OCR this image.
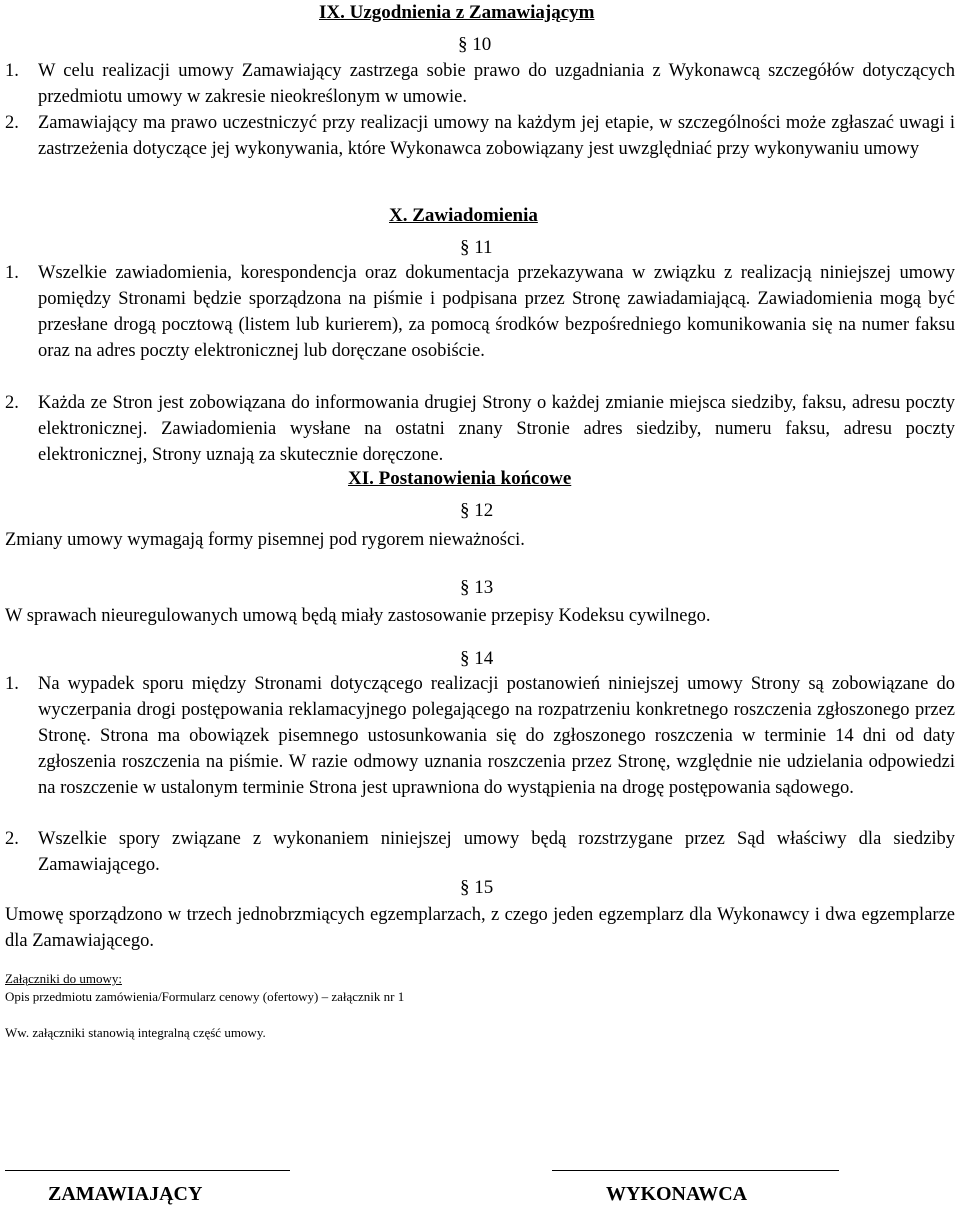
IX. Uzgodnienia z Zamawiającym
§ 10
1. W celu realizacji umowy Zamawiający zastrzega sobie prawo do uzgadniania z Wykonawcą szczegółów dotyczących przedmiotu umowy w zakresie nieokreślonym w umowie.
2. Zamawiający ma prawo uczestniczyć przy realizacji umowy na każdym jej etapie, w szczególności może zgłaszać uwagi i zastrzeżenia dotyczące jej wykonywania, które Wykonawca zobowiązany jest uwzględniać przy wykonywaniu umowy
X. Zawiadomienia
§ 11
1. Wszelkie zawiadomienia, korespondencja oraz dokumentacja przekazywana w związku z realizacją niniejszej umowy pomiędzy Stronami będzie sporządzona na piśmie i podpisana przez Stronę zawiadamiającą. Zawiadomienia mogą być przesłane drogą pocztową (listem lub kurierem), za pomocą środków bezpośredniego komunikowania się na numer faksu oraz na adres poczty elektronicznej lub doręczane osobiście.
2. Każda ze Stron jest zobowiązana do informowania drugiej Strony o każdej zmianie miejsca siedziby, faksu, adresu poczty elektronicznej. Zawiadomienia wysłane na ostatni znany Stronie adres siedziby, numeru faksu, adresu poczty elektronicznej, Strony uznają za skutecznie doręczone.
XI. Postanowienia końcowe
§ 12
Zmiany umowy wymagają formy pisemnej pod rygorem nieważności.
§ 13
W sprawach nieuregulowanych umową będą miały zastosowanie przepisy Kodeksu cywilnego.
§ 14
1. Na wypadek sporu między Stronami dotyczącego realizacji postanowień niniejszej umowy Strony są zobowiązane do wyczerpania drogi postępowania reklamacyjnego polegającego na rozpatrzeniu konkretnego roszczenia zgłoszonego przez Stronę. Strona ma obowiązek pisemnego ustosunkowania się do zgłoszonego roszczenia w terminie 14 dni od daty zgłoszenia roszczenia na piśmie. W razie odmowy uznania roszczenia przez Stronę, względnie nie udzielania odpowiedzi na roszczenie w ustalonym terminie Strona jest uprawniona do wystąpienia na drogę postępowania sądowego.
2. Wszelkie spory związane z wykonaniem niniejszej umowy będą rozstrzygane przez Sąd właściwy dla siedziby Zamawiającego.
§ 15
Umowę sporządzono w trzech jednobrzmiących egzemplarzach, z czego jeden egzemplarz dla Wykonawcy i dwa egzemplarze dla Zamawiającego.
Załączniki do umowy:
Opis przedmiotu zamówienia/Formularz cenowy (ofertowy) – załącznik nr 1
Ww. załączniki stanowią integralną część umowy.
ZAMAWIAJĄCY	WYKONAWCA
